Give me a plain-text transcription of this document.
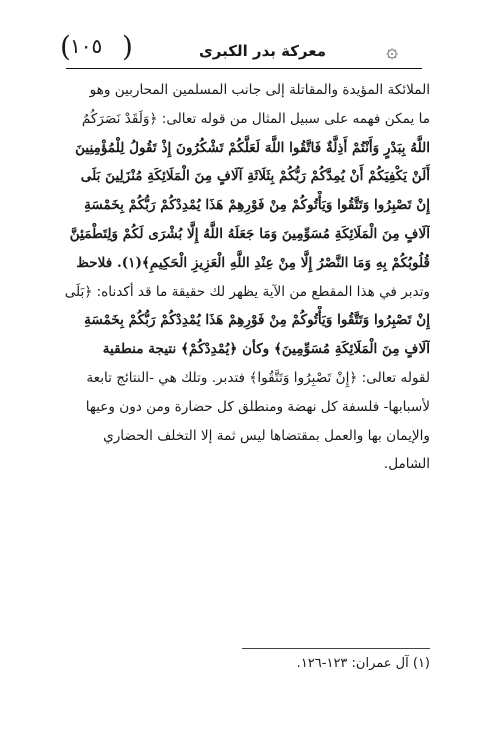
( ١٠٥ )	معركة بدر الكبرى	۞
الملائكة المؤيدة والمقاتلة إلى جانب المسلمين المحاربين وهو
ما يمكن فهمه على سبيل المثال من قوله تعالى: ﴿وَلَقَدْ نَصَرَكُمُ
اللَّهُ بِبَدْرٍ وَأَنْتُمْ أَذِلَّةٌ فَاتَّقُوا اللَّهَ لَعَلَّكُمْ تَشْكُرُونَ إِذْ تَقُولُ لِلْمُؤْمِنِينَ
أَلَنْ يَكْفِيَكُمْ أَنْ يُمِدَّكُمْ رَبُّكُمْ بِثَلَاثَةِ آلَافٍ مِنَ الْمَلَائِكَةِ مُنْزَلِينَ بَلَى
إِنْ تَصْبِرُوا وَتَتَّقُوا وَيَأْتُوكُمْ مِنْ فَوْرِهِمْ هَذَا يُمْدِدْكُمْ رَبُّكُمْ بِخَمْسَةِ
آلَافٍ مِنَ الْمَلَائِكَةِ مُسَوِّمِينَ وَمَا جَعَلَهُ اللَّهُ إِلَّا بُشْرَى لَكُمْ وَلِتَطْمَئِنَّ
قُلُوبُكُمْ بِهِ وَمَا النَّصْرُ إِلَّا مِنْ عِنْدِ اللَّهِ الْعَزِيزِ الْحَكِيمِ﴾(١). فلاحظ
وتدبر في هذا المقطع من الآية يظهر لك حقيقة ما قد أكدناه: ﴿بَلَى
إِنْ تَصْبِرُوا وَتَتَّقُوا وَيَأْتُوكُمْ مِنْ فَوْرِهِمْ هَذَا يُمْدِدْكُمْ رَبُّكُمْ بِخَمْسَةِ
آلَافٍ مِنَ الْمَلَائِكَةِ مُسَوِّمِينَ﴾ وكأن ﴿يُمْدِدْكُمْ﴾ نتيجة منطقية
لقوله تعالى: ﴿إِنْ تَصْبِرُوا وَتَتَّقُوا﴾ فتدبر. وتلك هي -النتائج تابعة
لأسبابها- فلسفة كل نهضة ومنطلق كل حضارة ومن دون وعيها
والإيمان بها والعمل بمقتضاها ليس ثمة إلا التخلف الحضاري
الشامل.
(١) آل عمران: ١٢٣-١٢٦.
